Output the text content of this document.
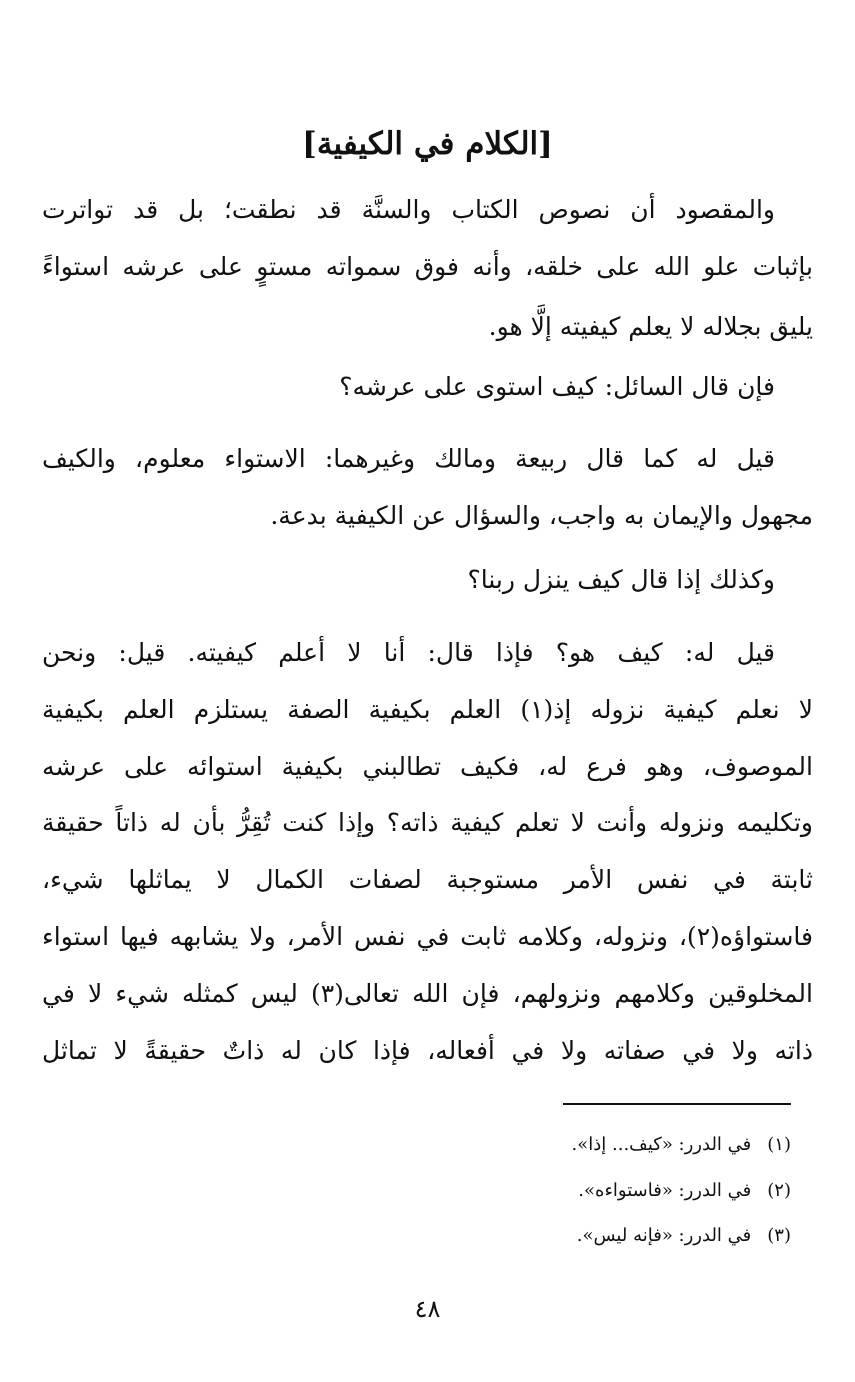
[الكلام في الكيفية]

والمقصود أن نصوص الكتاب والسنَّة قد نطقت؛ بل قد تواترت

بإثبات علو الله على خلقه، وأنه فوق سمواته مستوٍ على عرشه استواءً

يليق بجلاله لا يعلم كيفيته إلَّا هو.

فإن قال السائل: كيف استوى على عرشه؟

قيل له كما قال ربيعة ومالك وغيرهما: الاستواء معلوم، والكيف

مجهول والإيمان به واجب، والسؤال عن الكيفية بدعة.

وكذلك إذا قال كيف ينزل ربنا؟

قيل له: كيف هو؟ فإذا قال: أنا لا أعلم كيفيته. قيل: ونحن

لا نعلم كيفية نزوله إذ(١) العلم بكيفية الصفة يستلزم العلم بكيفية

الموصوف، وهو فرع له، فكيف تطالبني بكيفية استوائه على عرشه

وتكليمه ونزوله وأنت لا تعلم كيفية ذاته؟ وإذا كنت تُقِرُّ بأن له ذاتاً حقيقة

ثابتة في نفس الأمر مستوجبة لصفات الكمال لا يماثلها شيء،

فاستواؤه(٢)، ونزوله، وكلامه ثابت في نفس الأمر، ولا يشابهه فيها استواء

المخلوقين وكلامهم ونزولهم، فإن الله تعالى(٣) ليس كمثله شيء لا في

ذاته ولا في صفاته ولا في أفعاله، فإذا كان له ذاتٌ حقيقةً لا تماثل

(١)في الدرر: «كيف... إذا».
(٢)في الدرر: «فاستواءه».
(٣)في الدرر: «فإنه ليس».
٤٨
